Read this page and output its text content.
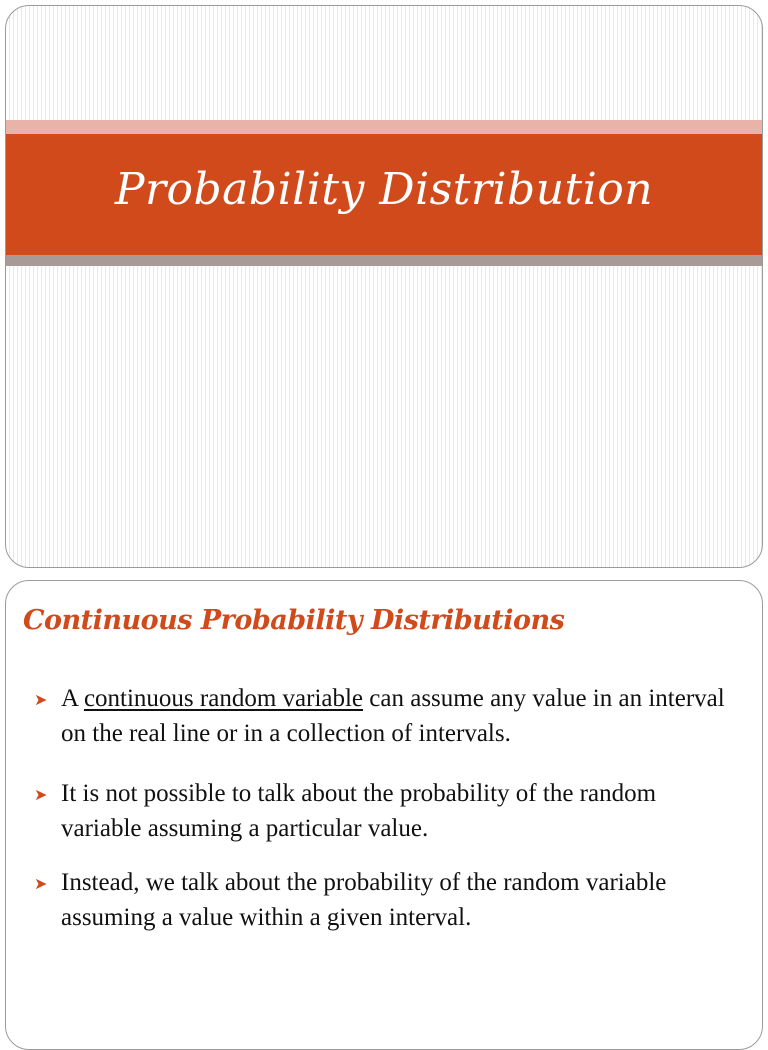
Probability Distribution
Continuous Probability Distributions
➤ A continuous random variable can assume any value in an interval on the real line or in a collection of intervals.
➤ It is not possible to talk about the probability of the random variable assuming a particular value.
➤ Instead, we talk about the probability of the random variable assuming a value within a given interval.
